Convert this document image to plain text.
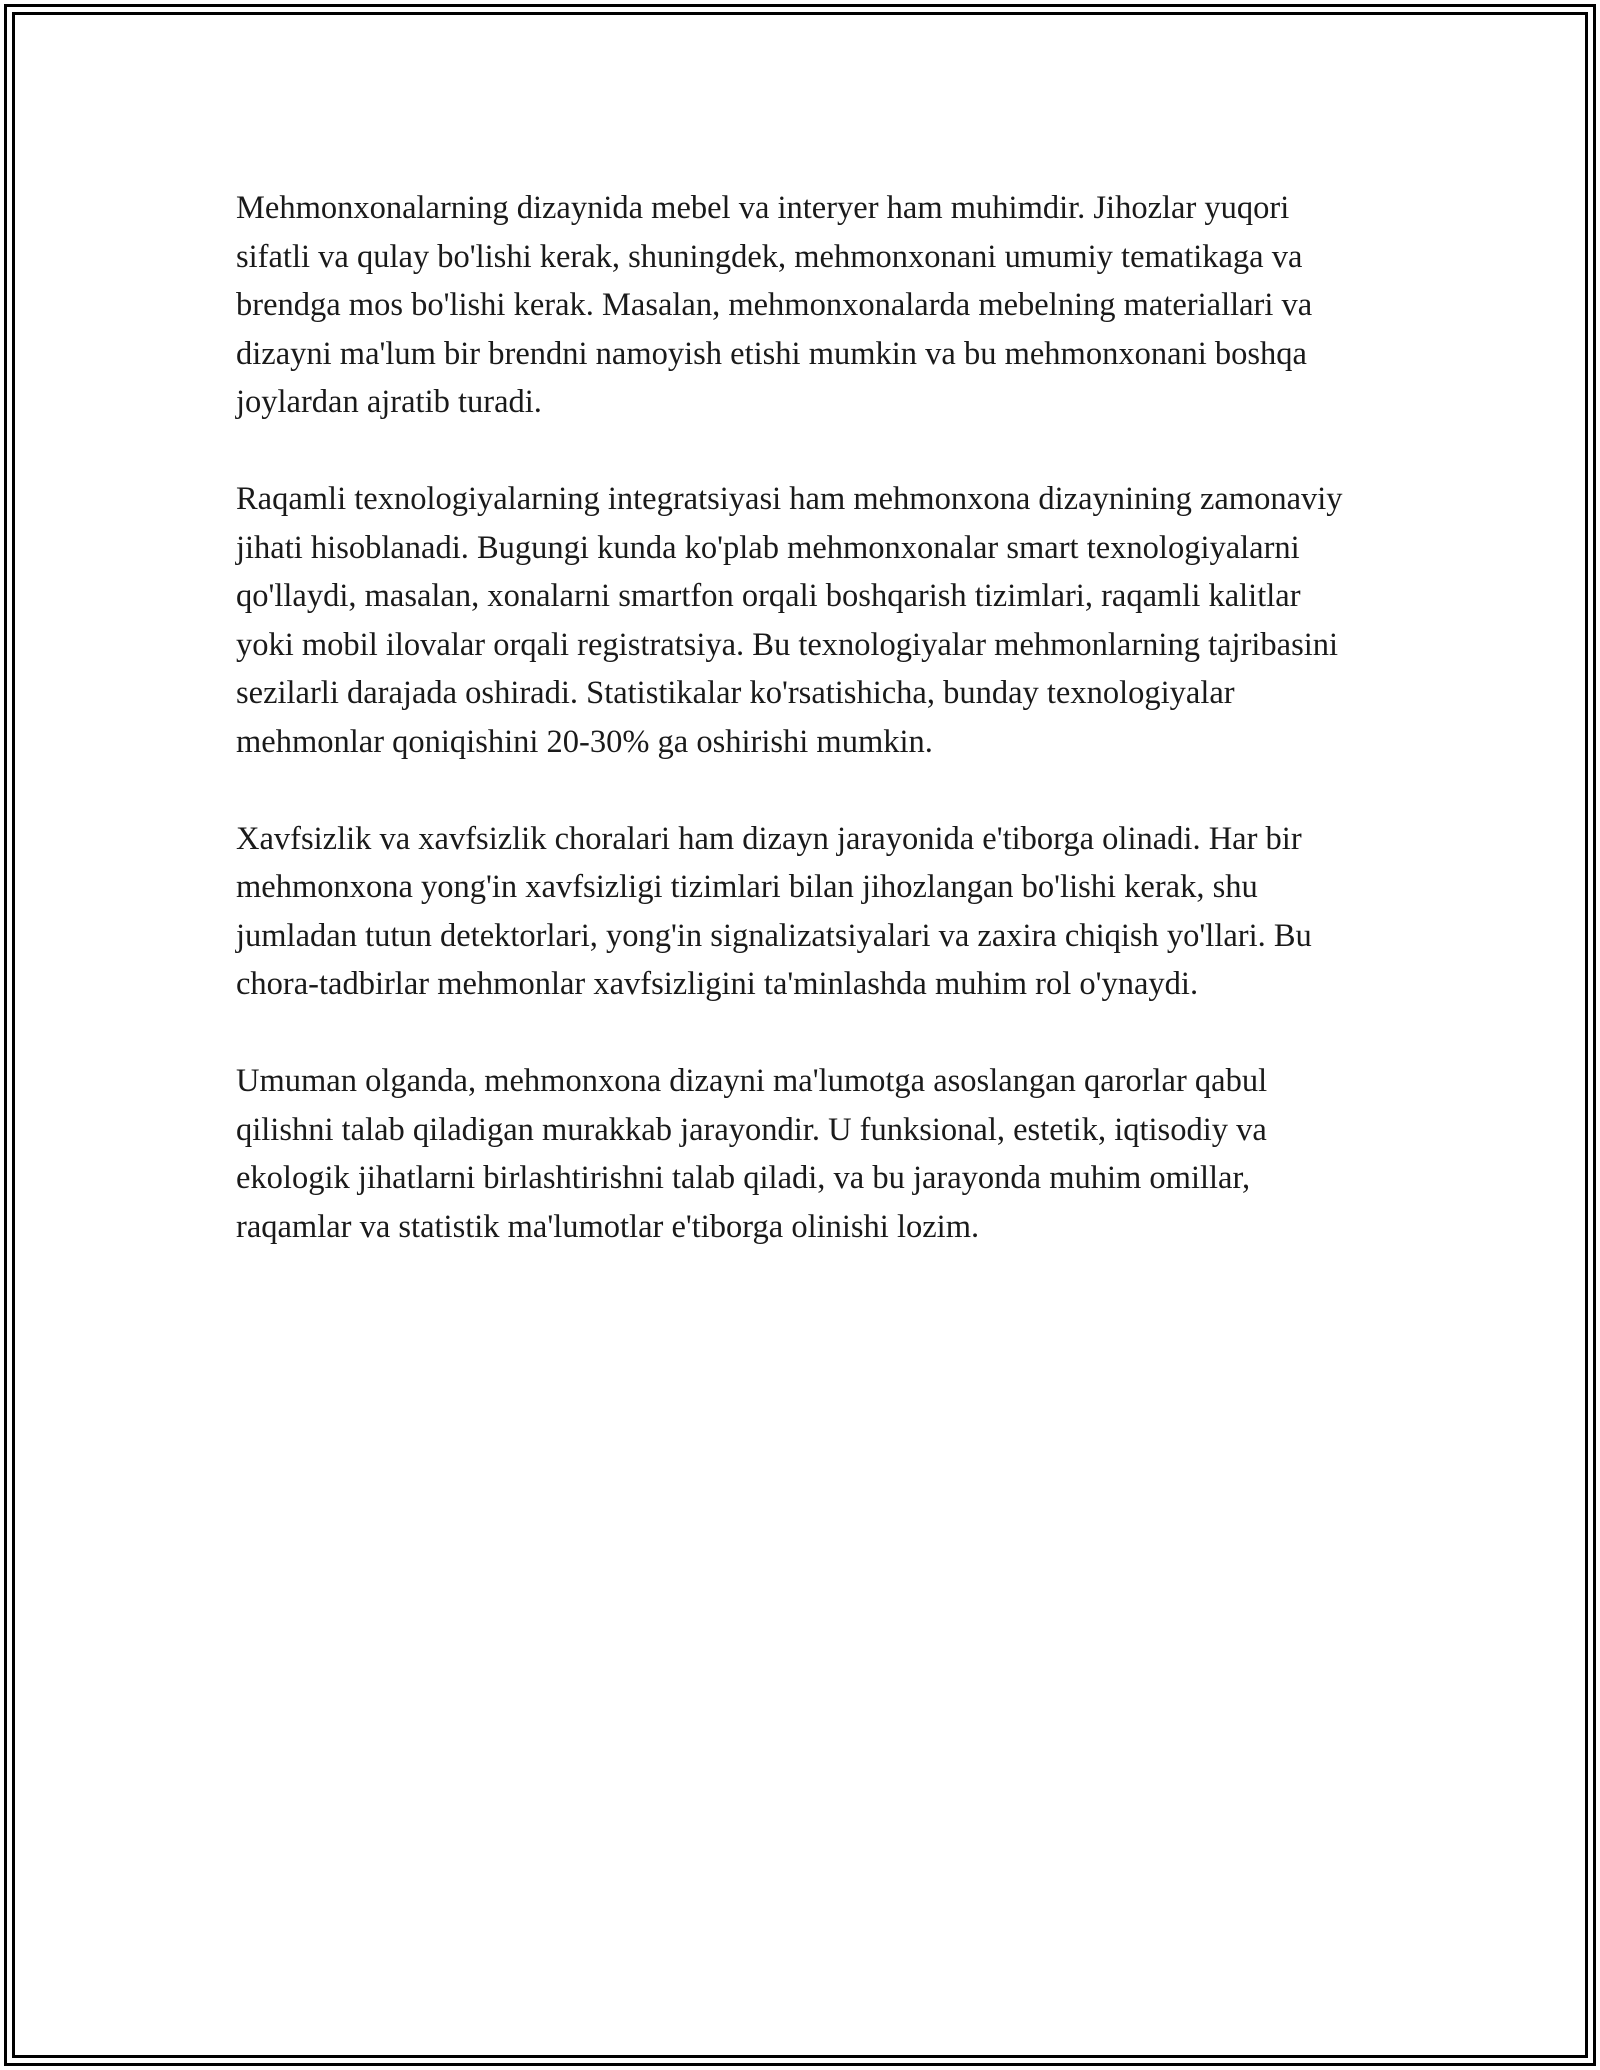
Mehmonxonalarning dizaynida mebel va interyer ham muhimdir. Jihozlar yuqori sifatli va qulay bo'lishi kerak, shuningdek, mehmonxonani umumiy tematikaga va brendga mos bo'lishi kerak. Masalan, mehmonxonalarda mebelning materiallari va dizayni ma'lum bir brendni namoyish etishi mumkin va bu mehmonxonani boshqa joylardan ajratib turadi.

Raqamli texnologiyalarning integratsiyasi ham mehmonxona dizaynining zamonaviy jihati hisoblanadi. Bugungi kunda ko'plab mehmonxonalar smart texnologiyalarni qo'llaydi, masalan, xonalarni smartfon orqali boshqarish tizimlari, raqamli kalitlar yoki mobil ilovalar orqali registratsiya. Bu texnologiyalar mehmonlarning tajribasini sezilarli darajada oshiradi. Statistikalar ko'rsatishicha, bunday texnologiyalar mehmonlar qoniqishini 20-30% ga oshirishi mumkin.

Xavfsizlik va xavfsizlik choralari ham dizayn jarayonida e'tiborga olinadi. Har bir mehmonxona yong'in xavfsizligi tizimlari bilan jihozlangan bo'lishi kerak, shu jumladan tutun detektorlari, yong'in signalizatsiyalari va zaxira chiqish yo'llari. Bu chora-tadbirlar mehmonlar xavfsizligini ta'minlashda muhim rol o'ynaydi.

Umuman olganda, mehmonxona dizayni ma'lumotga asoslangan qarorlar qabul qilishni talab qiladigan murakkab jarayondir. U funksional, estetik, iqtisodiy va ekologik jihatlarni birlashtirishni talab qiladi, va bu jarayonda muhim omillar, raqamlar va statistik ma'lumotlar e'tiborga olinishi lozim.
